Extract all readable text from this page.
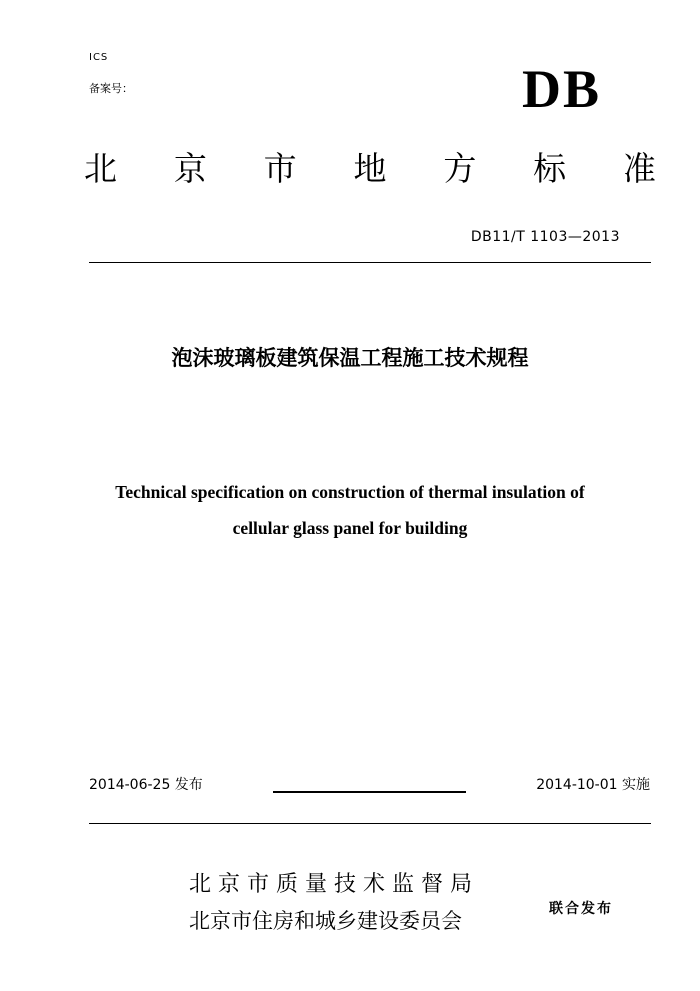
ICS
备案号：	DB
北 京 市 地 方 标 准
DB11/T 1103—2013
泡沫玻璃板建筑保温工程施工技术规程
Technical specification on construction of thermal insulation of
cellular glass panel for building
2014-06-25 发布	2014-10-01 实施
北京市质量技术监督局
北京市住房和城乡建设委员会	联合发布
